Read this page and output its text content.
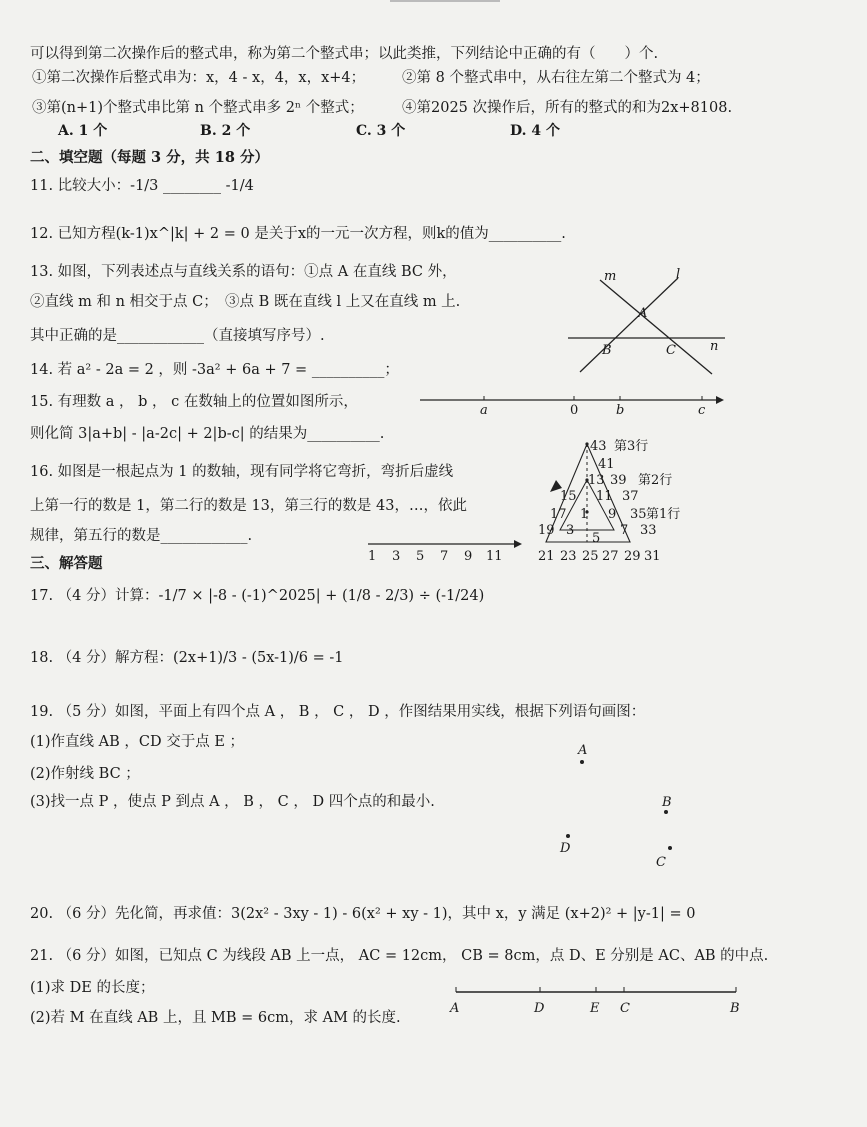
可以得到第二次操作后的整式串，称为第二个整式串；以此类推，下列结论中正确的有（　　）个.
①第二次操作后整式串为：x，4 - x，4，x，x+4；	②第 8 个整式串中，从右往左第二个整式为 4；
③第(n+1)个整式串比第 n 个整式串多 2ⁿ 个整式；	④第2025 次操作后，所有的整式的和为2x+8108.
A. 1 个	B. 2 个	C. 3 个	D. 4 个
二、填空题（每题 3 分，共 18 分）
11. 比较大小：-1/3 ________ -1/4
12. 已知方程(k-1)x^|k| + 2 = 0 是关于x的一元一次方程，则k的值为__________.
13. 如图，下列表述点与直线关系的语句：①点 A 在直线 BC 外，
②直线 m 和 n 相交于点 C；　③点 B 既在直线 l 上又在直线 m 上.
其中正确的是____________（直接填写序号）.
14. 若 a² - 2a = 2 ，则 -3a² + 6a + 7 = __________；
15. 有理数 a ， b ， c 在数轴上的位置如图所示，
则化简 3|a+b| - |a-2c| + 2|b-c| 的结果为__________.
16. 如图是一根起点为 1 的数轴，现有同学将它弯折，弯折后虚线
上第一行的数是 1，第二行的数是 13，第三行的数是 43，…，依此
规律，第五行的数是____________.
三、解答题
17. （4 分）计算：-1/7 × |-8 - (-1)^2025| + (1/8 - 2/3) ÷ (-1/24)
18. （4 分）解方程：(2x+1)/3 - (5x-1)/6 = -1
19. （5 分）如图，平面上有四个点 A ， B ， C ， D ，作图结果用实线，根据下列语句画图：
(1)作直线 AB ，CD 交于点 E ；
(2)作射线 BC ；
(3)找一点 P ，使点 P 到点 A ， B ， C ， D 四个点的和最小.
20. （6 分）先化简，再求值：3(2x² - 3xy - 1) - 6(x² + xy - 1)，其中 x，y 满足 (x+2)² + |y-1| = 0
21. （6 分）如图，已知点 C 为线段 AB 上一点， AC = 12cm， CB = 8cm，点 D、E 分别是 AC、AB 的中点.
(1)求 DE 的长度；
(2)若 M 在直线 AB 上，且 MB = 6cm，求 AM 的长度.
m	l
A
B	C	n
a	0	b	c
1 3 5 7 9 11
43 第3行
41
13 39 第2行
15 11 37
17 1 9 35 第1行
19 3
5
7 33
21 23 25 27 29 31
A
B
D
C
A	D	E C	B
